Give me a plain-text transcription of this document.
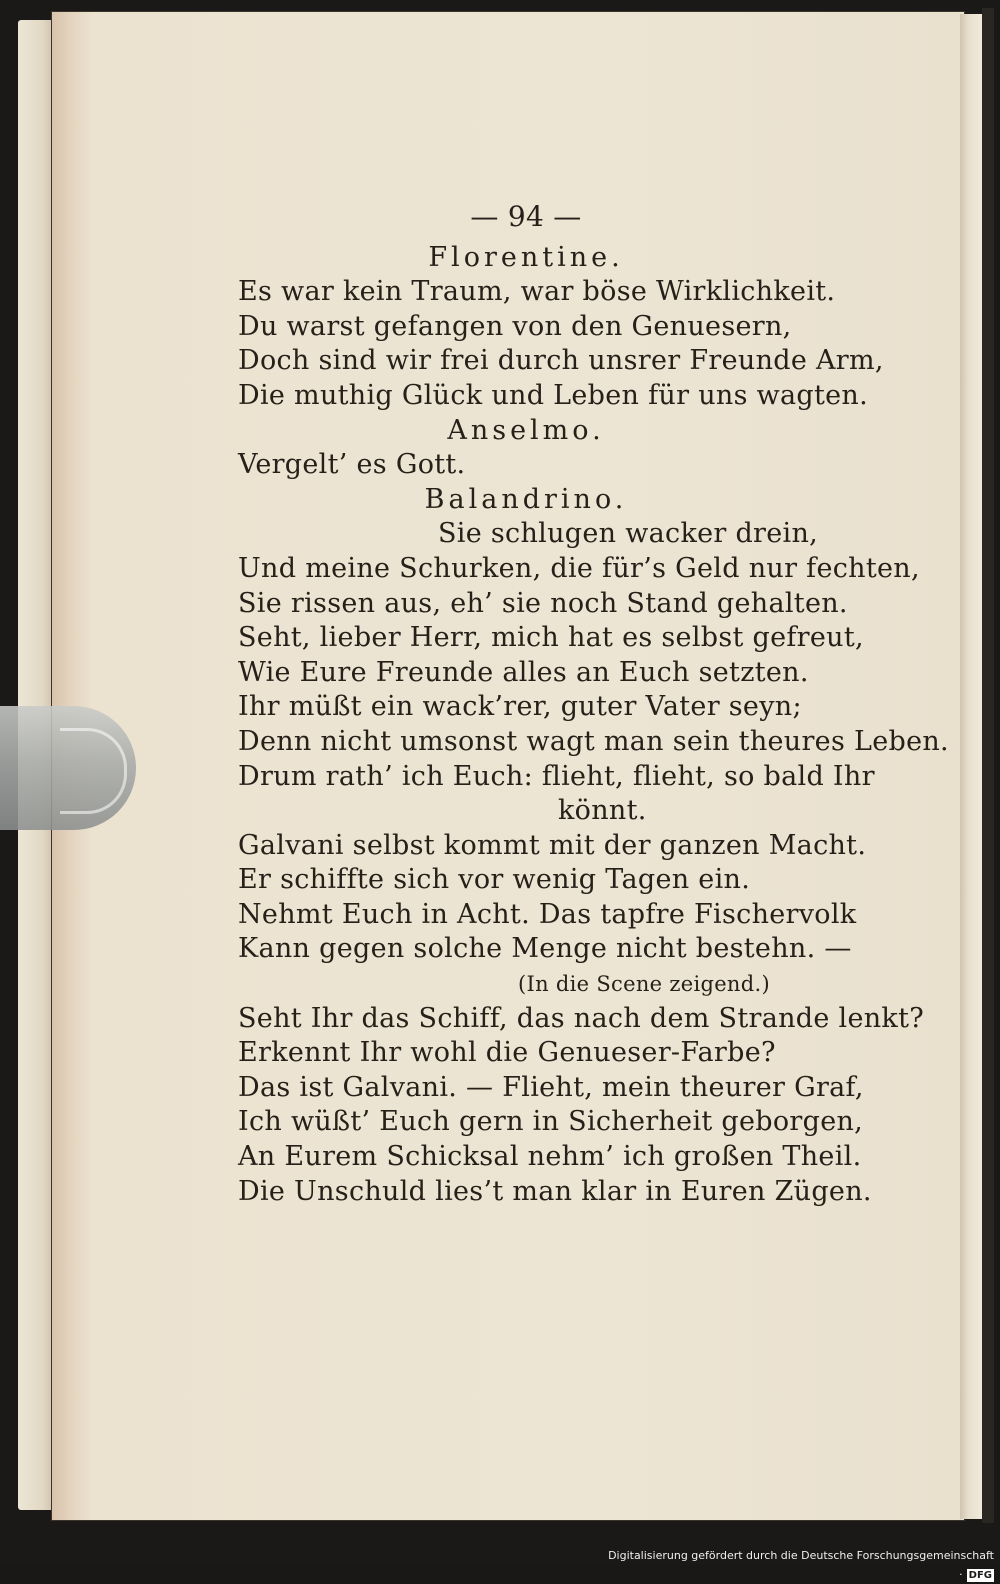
— 94 —
Florentine.
Es war kein Traum, war böse Wirklichkeit.
Du warst gefangen von den Genuesern,
Doch sind wir frei durch unsrer Freunde Arm,
Die muthig Glück und Leben für uns wagten.
Anselmo.
Vergelt’ es Gott.
Balandrino.
Sie schlugen wacker drein,
Und meine Schurken, die für’s Geld nur fechten,
Sie rissen aus, eh’ sie noch Stand gehalten.
Seht, lieber Herr, mich hat es selbst gefreut,
Wie Eure Freunde alles an Euch setzten.
Ihr müßt ein wack’rer, guter Vater seyn;
Denn nicht umsonst wagt man sein theures Leben.
Drum rath’ ich Euch: flieht, flieht, so bald Ihr
könnt.
Galvani selbst kommt mit der ganzen Macht.
Er schiffte sich vor wenig Tagen ein.
Nehmt Euch in Acht. Das tapfre Fischervolk
Kann gegen solche Menge nicht bestehn. —
(In die Scene zeigend.)
Seht Ihr das Schiff, das nach dem Strande lenkt?
Erkennt Ihr wohl die Genueser-Farbe?
Das ist Galvani. — Flieht, mein theurer Graf,
Ich wüßt’ Euch gern in Sicherheit geborgen,
An Eurem Schicksal nehm’ ich großen Theil.
Die Unschuld lies’t man klar in Euren Zügen.
Digitalisierung gefördert durch die Deutsche Forschungsgemeinschaft · DFG
